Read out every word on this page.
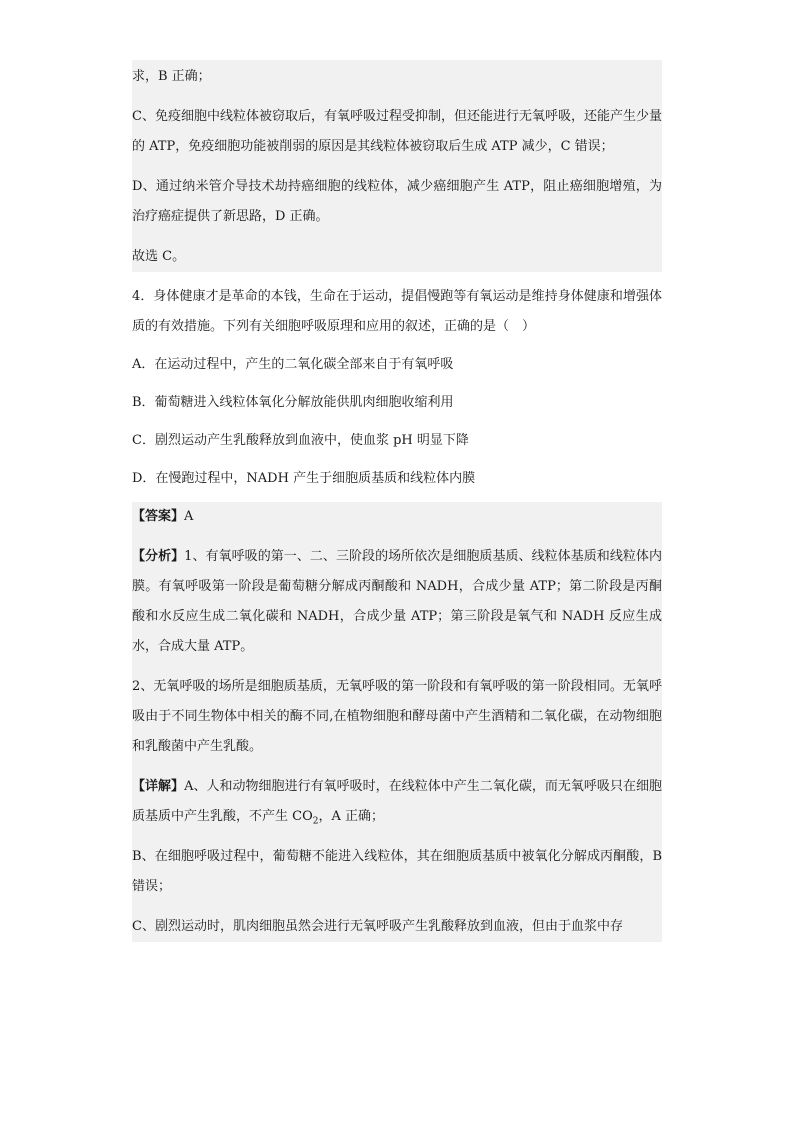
求，B 正确；

C、免疫细胞中线粒体被窃取后，有氧呼吸过程受抑制，但还能进行无氧呼吸，还能产生少量的 ATP，免疫细胞功能被削弱的原因是其线粒体被窃取后生成 ATP 减少，C 错误；

D、通过纳米管介导技术劫持癌细胞的线粒体，减少癌细胞产生 ATP，阻止癌细胞增殖，为治疗癌症提供了新思路，D 正确。

故选 C。

4．身体健康才是革命的本钱，生命在于运动，提倡慢跑等有氧运动是维持身体健康和增强体质的有效措施。下列有关细胞呼吸原理和应用的叙述，正确的是（　）

A．在运动过程中，产生的二氧化碳全部来自于有氧呼吸

B．葡萄糖进入线粒体氧化分解放能供肌肉细胞收缩利用

C．剧烈运动产生乳酸释放到血液中，使血浆 pH 明显下降

D．在慢跑过程中，NADH 产生于细胞质基质和线粒体内膜

【答案】A

【分析】1、有氧呼吸的第一、二、三阶段的场所依次是细胞质基质、线粒体基质和线粒体内膜。有氧呼吸第一阶段是葡萄糖分解成丙酮酸和 NADH，合成少量 ATP；第二阶段是丙酮酸和水反应生成二氧化碳和 NADH，合成少量 ATP；第三阶段是氧气和 NADH 反应生成水，合成大量 ATP。

2、无氧呼吸的场所是细胞质基质，无氧呼吸的第一阶段和有氧呼吸的第一阶段相同。无氧呼吸由于不同生物体中相关的酶不同,在植物细胞和酵母菌中产生酒精和二氧化碳，在动物细胞和乳酸菌中产生乳酸。

【详解】A、人和动物细胞进行有氧呼吸时，在线粒体中产生二氧化碳，而无氧呼吸只在细胞质基质中产生乳酸，不产生 $CO_2$，A 正确；

B、在细胞呼吸过程中，葡萄糖不能进入线粒体，其在细胞质基质中被氧化分解成丙酮酸，B 错误；

C、剧烈运动时，肌肉细胞虽然会进行无氧呼吸产生乳酸释放到血液，但由于血浆中存
